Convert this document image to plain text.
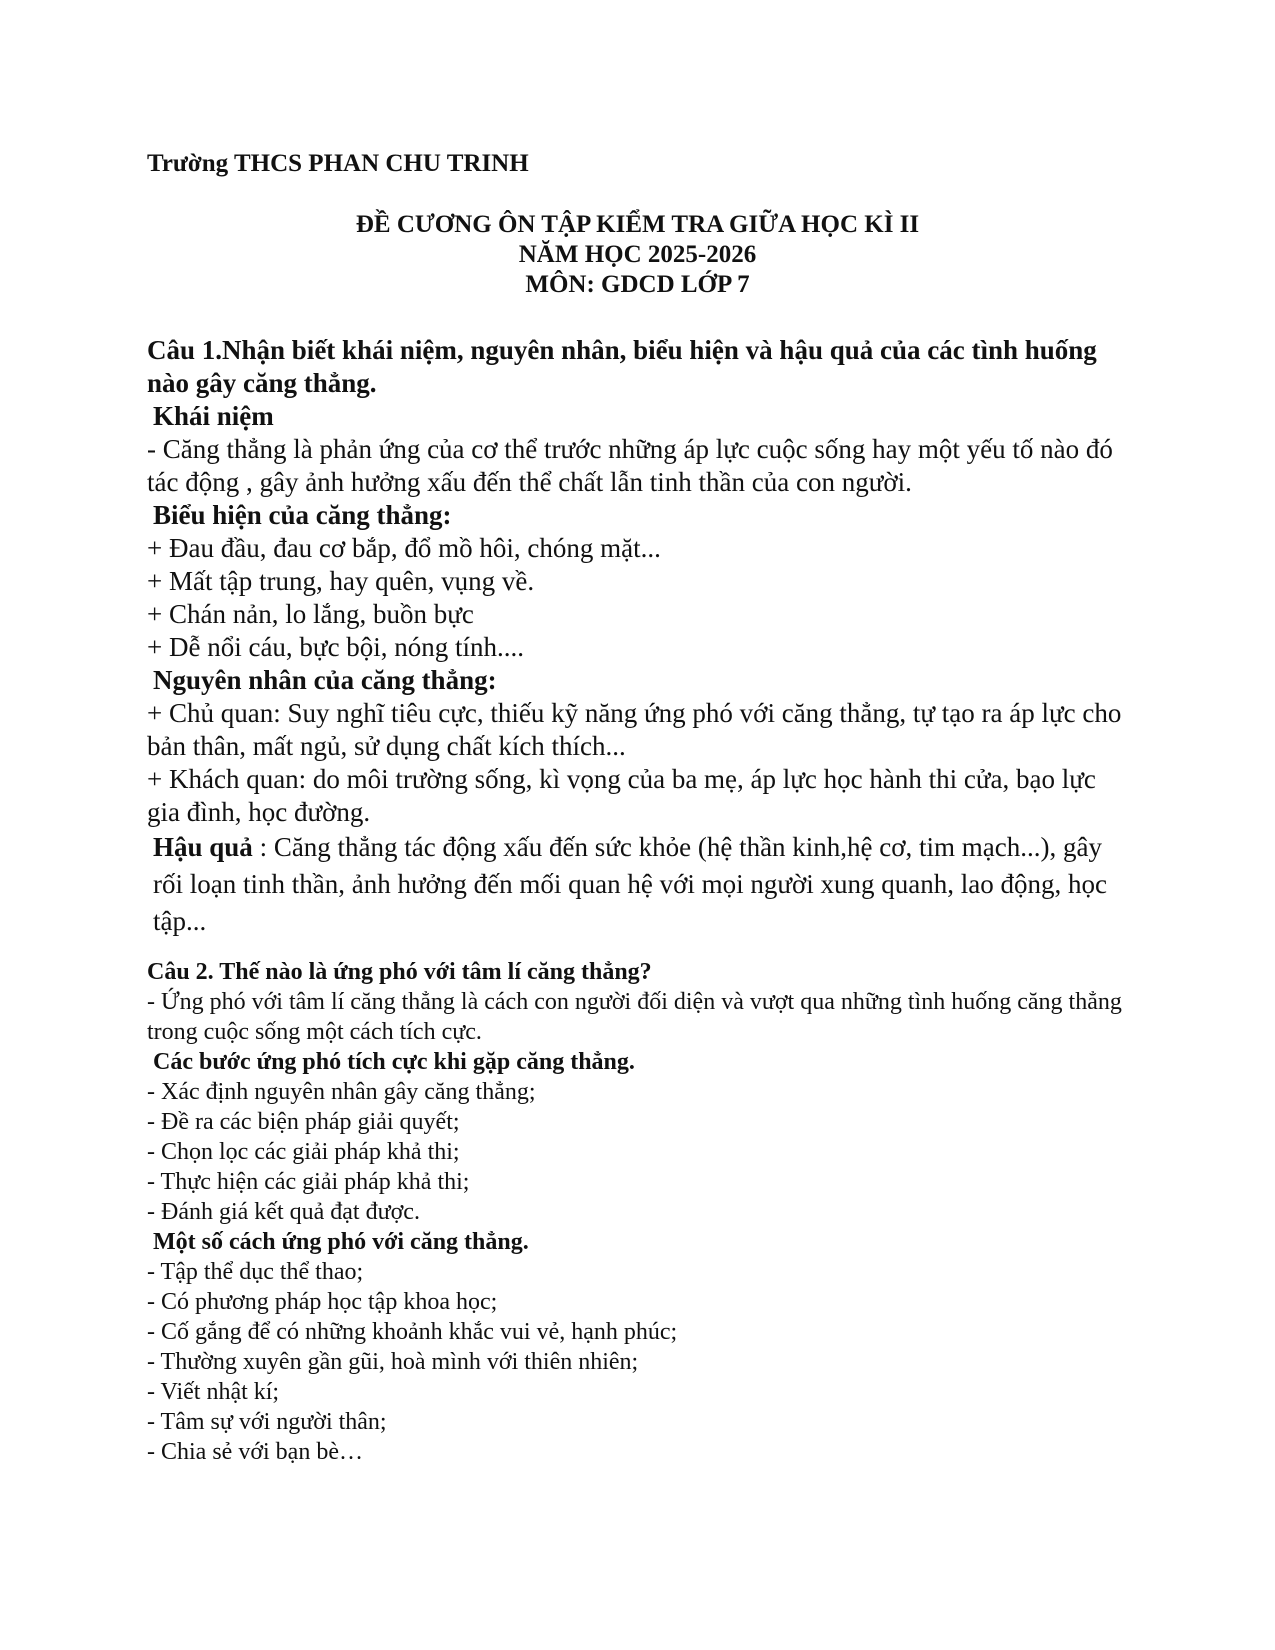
Trường THCS PHAN CHU TRINH
ĐỀ CƯƠNG ÔN TẬP KIỂM TRA GIỮA HỌC KÌ II
NĂM HỌC 2025-2026
MÔN: GDCD LỚP 7

Câu 1.Nhận biết khái niệm, nguyên nhân, biểu hiện và hậu quả của các tình huống nào gây căng thẳng.

Khái niệm

- Căng thẳng là phản ứng của cơ thể trước những áp lực cuộc sống hay một yếu tố nào đó tác động , gây ảnh hưởng xấu đến thể chất lẫn tinh thần của con người.

Biểu hiện của căng thẳng:

+ Đau đầu, đau cơ bắp, đổ mồ hôi, chóng mặt...

+ Mất tập trung, hay quên, vụng về.

+ Chán nản, lo lắng, buồn bực

+ Dễ nổi cáu, bực bội, nóng tính....

Nguyên nhân của căng thẳng:

+ Chủ quan: Suy nghĩ tiêu cực, thiếu kỹ năng ứng phó với căng thẳng, tự tạo ra áp lực cho bản thân, mất ngủ, sử dụng chất kích thích...

+ Khách quan: do môi trường sống, kì vọng của ba mẹ, áp lực học hành thi cửa, bạo lực gia đình, học đường.

Hậu quả : Căng thẳng tác động xấu đến sức khỏe (hệ thần kinh,hệ cơ, tim mạch...), gây rối loạn tinh thần, ảnh hưởng đến mối quan hệ với mọi người xung quanh, lao động, học tập...

Câu 2. Thế nào là ứng phó với tâm lí căng thẳng?

- Ứng phó với tâm lí căng thẳng là cách con người đối diện và vượt qua những tình huống căng thẳng trong cuộc sống một cách tích cực.

Các bước ứng phó tích cực khi gặp căng thẳng.

- Xác định nguyên nhân gây căng thẳng;

- Đề ra các biện pháp giải quyết;

- Chọn lọc các giải pháp khả thi;

- Thực hiện các giải pháp khả thi;

- Đánh giá kết quả đạt được.

Một số cách ứng phó với căng thẳng.

- Tập thể dục thể thao;

- Có phương pháp học tập khoa học;

- Cố gắng để có những khoảnh khắc vui vẻ, hạnh phúc;

- Thường xuyên gần gũi, hoà mình với thiên nhiên;

- Viết nhật kí;

- Tâm sự với người thân;

- Chia sẻ với bạn bè…
